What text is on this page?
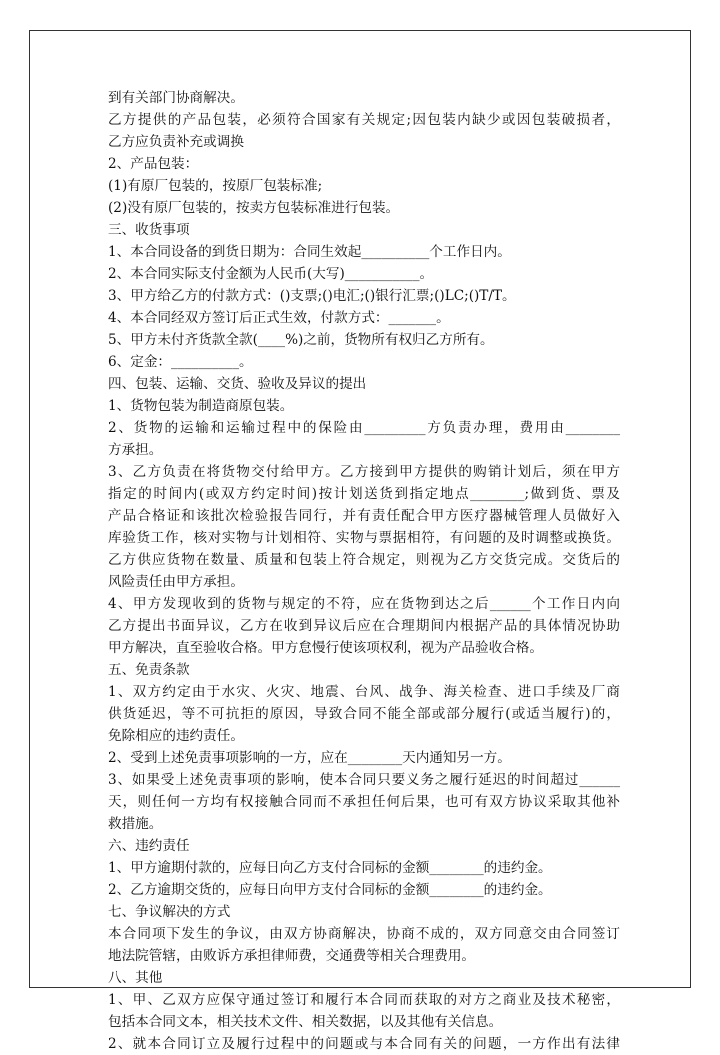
到有关部门协商解决。
乙方提供的产品包装，必须符合国家有关规定;因包装内缺少或因包装破损者，
乙方应负责补充或调换
2、产品包装：
(1)有原厂包装的，按原厂包装标准;
(2)没有原厂包装的，按卖方包装标准进行包装。
三、收货事项
1、本合同设备的到货日期为：合同生效起__________个工作日内。
2、本合同实际支付金额为人民币(大写)___________。
3、甲方给乙方的付款方式：()支票;()电汇;()银行汇票;()LC;()T/T。
4、本合同经双方签订后正式生效，付款方式：_______。
5、甲方未付齐货款全款(____%)之前，货物所有权归乙方所有。
6、定金：__________。
四、包装、运输、交货、验收及异议的提出
1、货物包装为制造商原包装。
2、货物的运输和运输过程中的保险由_________方负责办理，费用由________
方承担。
3、乙方负责在将货物交付给甲方。乙方接到甲方提供的购销计划后，须在甲方
指定的时间内(或双方约定时间)按计划送货到指定地点________;做到货、票及
产品合格证和该批次检验报告同行，并有责任配合甲方医疗器械管理人员做好入
库验货工作，核对实物与计划相符、实物与票据相符，有问题的及时调整或换货。
乙方供应货物在数量、质量和包装上符合规定，则视为乙方交货完成。交货后的
风险责任由甲方承担。
4、甲方发现收到的货物与规定的不符，应在货物到达之后______个工作日内向
乙方提出书面异议，乙方在收到异议后应在合理期间内根据产品的具体情况协助
甲方解决，直至验收合格。甲方怠慢行使该项权利，视为产品验收合格。
五、免责条款
1、双方约定由于水灾、火灾、地震、台风、战争、海关检查、进口手续及厂商
供货延迟，等不可抗拒的原因，导致合同不能全部或部分履行(或适当履行)的，
免除相应的违约责任。
2、受到上述免责事项影响的一方，应在________天内通知另一方。
3、如果受上述免责事项的影响，使本合同只要义务之履行延迟的时间超过______
天，则任何一方均有权接触合同而不承担任何后果，也可有双方协议采取其他补
救措施。
六、违约责任
1、甲方逾期付款的，应每日向乙方支付合同标的金额________的违约金。
2、乙方逾期交货的，应每日向甲方支付合同标的金额________的违约金。
七、争议解决的方式
本合同项下发生的争议，由双方协商解决，协商不成的，双方同意交由合同签订
地法院管辖，由败诉方承担律师费，交通费等相关合理费用。
八、其他
1、甲、乙双方应保守通过签订和履行本合同而获取的对方之商业及技术秘密，
包括本合同文本，相关技术文件、相关数据，以及其他有关信息。
2、就本合同订立及履行过程中的问题或与本合同有关的问题，一方作出有法律
